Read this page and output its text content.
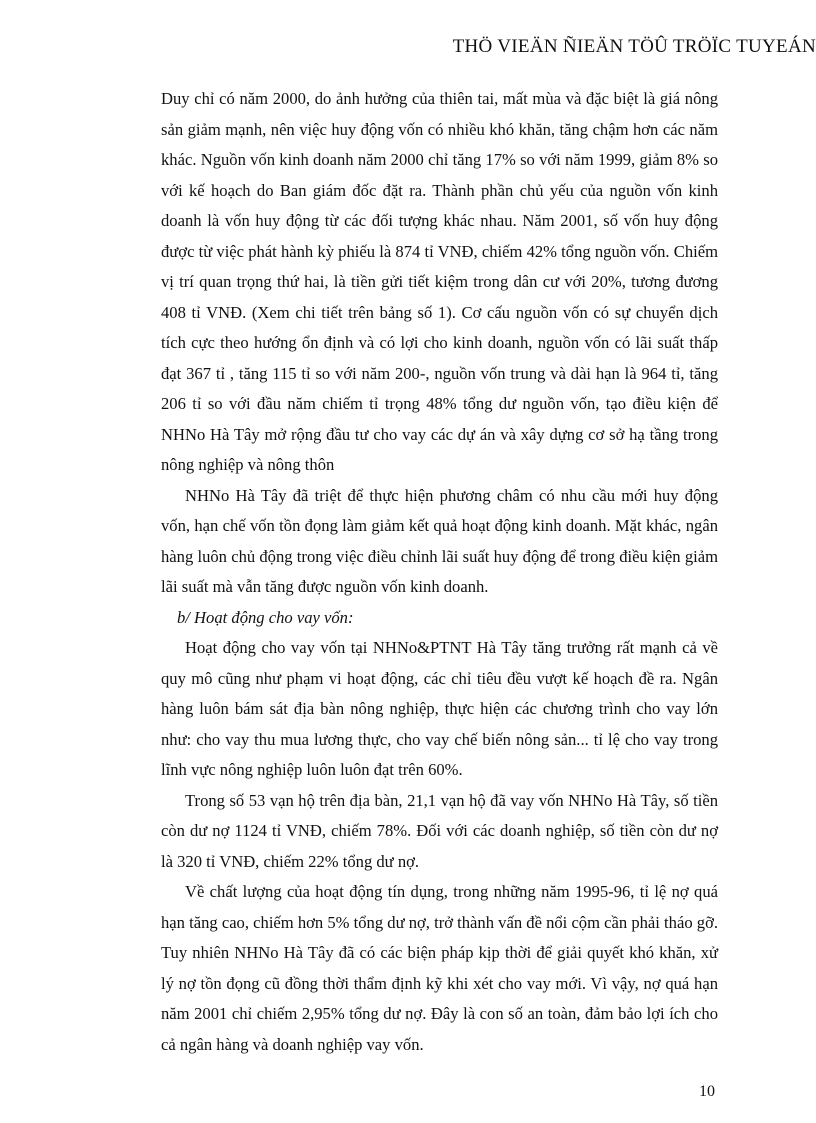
THÖ VIEÄN ÑIEÄN TÖÛ TRÖÏC TUYEÁN

Duy chỉ có năm 2000, do ảnh hưởng của thiên tai, mất mùa và đặc biệt là giá nông sản giảm mạnh, nên việc huy động vốn có nhiều khó khăn, tăng chậm hơn các năm khác. Nguồn vốn kinh doanh năm 2000 chỉ tăng 17% so với năm 1999, giảm 8% so với kế hoạch do Ban giám đốc đặt ra. Thành phần chủ yếu của nguồn vốn kinh doanh là vốn huy động từ các đối tượng khác nhau. Năm 2001, số vốn huy động được từ việc phát hành kỳ phiếu là 874 tỉ VNĐ, chiếm 42% tổng nguồn vốn. Chiếm vị trí quan trọng thứ hai, là tiền gửi tiết kiệm trong dân cư với 20%, tương đương 408 tỉ VNĐ. (Xem chi tiết trên bảng số 1). Cơ cấu nguồn vốn có sự chuyển dịch tích cực theo hướng ổn định và có lợi cho kinh doanh, nguồn vốn có lãi suất thấp đạt 367 tỉ , tăng 115 tỉ so với năm 200-, nguồn vốn trung và dài hạn là 964 tỉ, tăng 206 tỉ so với đầu năm chiếm tỉ trọng 48% tổng dư nguồn vốn, tạo điều kiện để NHNo Hà Tây mở rộng đầu tư cho vay các dự án và xây dựng cơ sở hạ tầng trong nông nghiệp và nông thôn

NHNo Hà Tây đã triệt để thực hiện phương châm có nhu cầu mới huy động vốn, hạn chế vốn tồn đọng làm giảm kết quả hoạt động kinh doanh. Mặt khác, ngân hàng luôn chủ động trong việc điều chỉnh lãi suất huy động để trong điều kiện giảm lãi suất mà vẫn tăng được nguồn vốn kinh doanh.

b/ Hoạt động cho vay vốn:

Hoạt động cho vay vốn tại NHNo&PTNT Hà Tây tăng trưởng rất mạnh cả về quy mô cũng như phạm vi hoạt động, các chỉ tiêu đều vượt kế hoạch đề ra. Ngân hàng luôn bám sát địa bàn nông nghiệp, thực hiện các chương trình cho vay lớn như: cho vay thu mua lương thực, cho vay chế biến nông sản... tỉ lệ cho vay trong lĩnh vực nông nghiệp luôn luôn đạt trên 60%.

Trong số 53 vạn hộ trên địa bàn, 21,1 vạn hộ đã vay vốn NHNo Hà Tây, số tiền còn dư nợ 1124 tỉ VNĐ, chiếm 78%. Đối với các doanh nghiệp, số tiền còn dư nợ là 320 tỉ VNĐ, chiếm 22% tổng dư nợ.

Về chất lượng của hoạt động tín dụng, trong những năm 1995-96, tỉ lệ nợ quá hạn tăng cao, chiếm hơn 5% tổng dư nợ, trở thành vấn đề nổi cộm cần phải tháo gỡ. Tuy nhiên NHNo Hà Tây đã có các biện pháp kịp thời để giải quyết khó khăn, xử lý nợ tồn đọng cũ đồng thời thẩm định kỹ khi xét cho vay mới. Vì vậy, nợ quá hạn năm 2001 chỉ chiếm 2,95% tổng dư nợ. Đây là con số an toàn, đảm bảo lợi ích cho cả ngân hàng và doanh nghiệp vay vốn.

10
